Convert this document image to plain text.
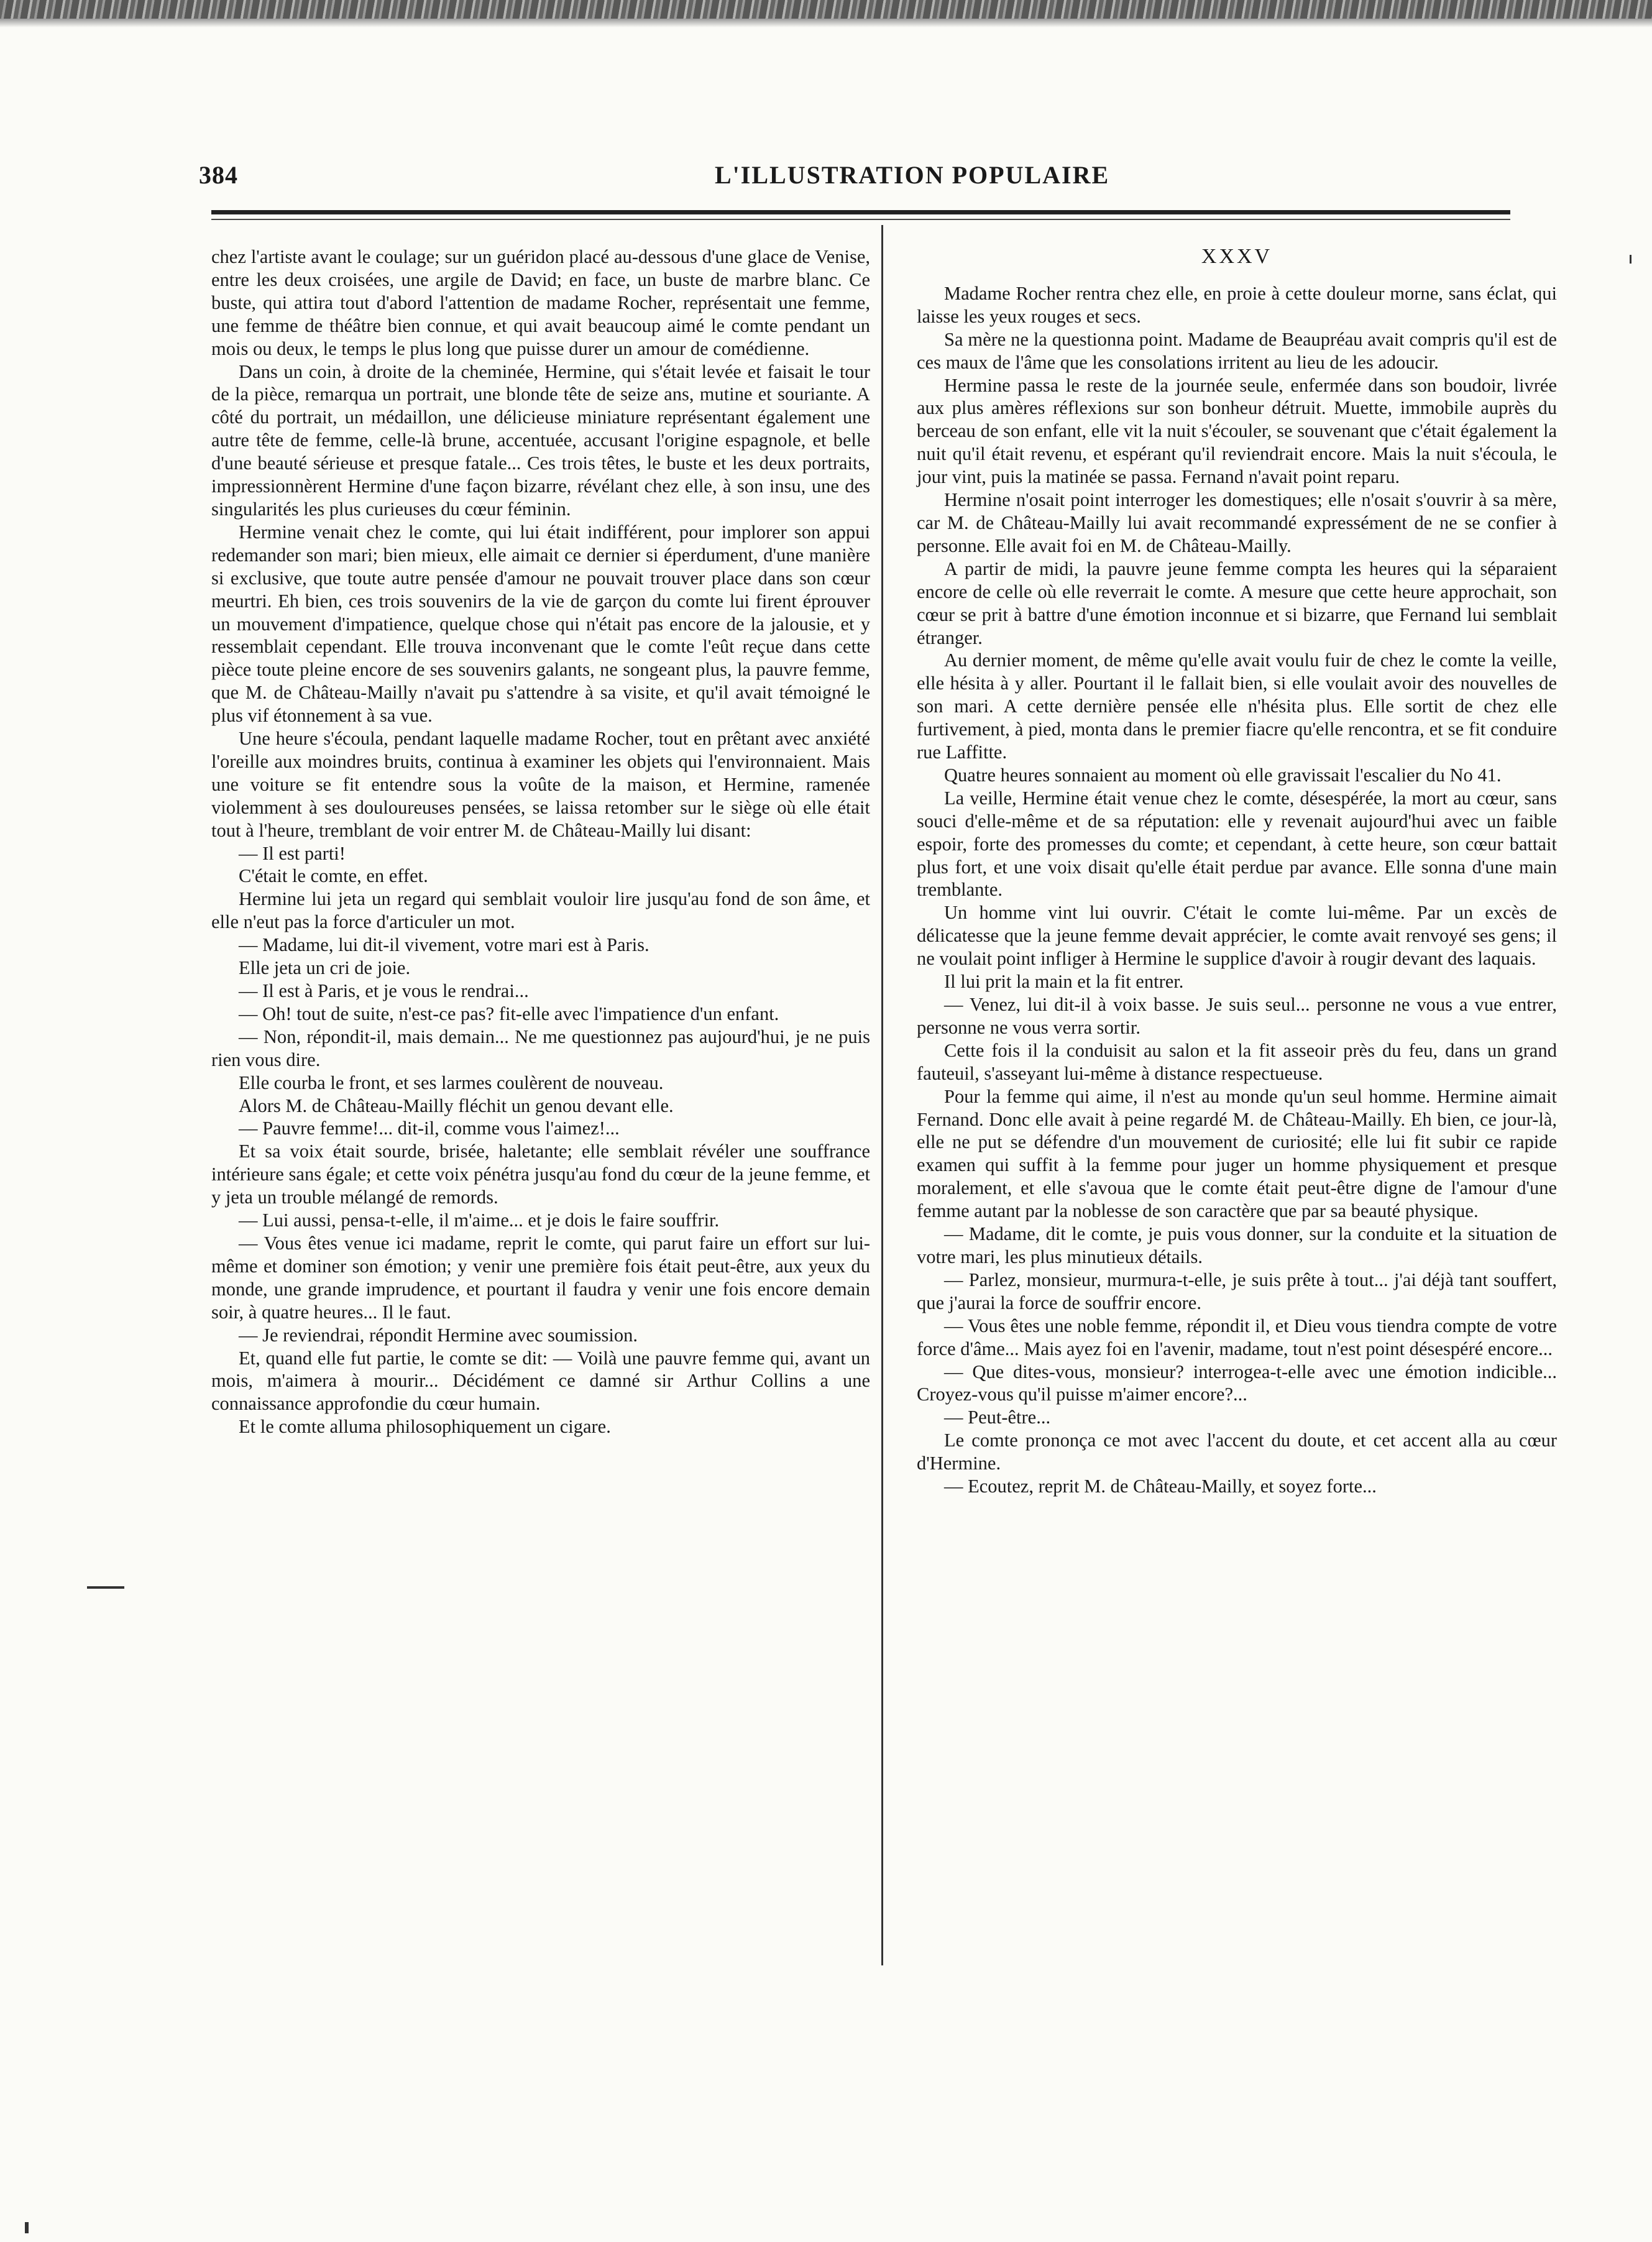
384	L'ILLUSTRATION POPULAIRE

chez l'artiste avant le coulage; sur un guéridon placé au-dessous d'une glace de Venise, entre les deux croisées, une argile de David; en face, un buste de marbre blanc. Ce buste, qui attira tout d'abord l'attention de madame Rocher, représentait une femme, une femme de théâtre bien connue, et qui avait beaucoup aimé le comte pendant un mois ou deux, le temps le plus long que puisse durer un amour de comédienne.

Dans un coin, à droite de la cheminée, Hermine, qui s'était levée et faisait le tour de la pièce, remarqua un portrait, une blonde tête de seize ans, mutine et souriante. A côté du portrait, un médaillon, une délicieuse miniature représentant également une autre tête de femme, celle-là brune, accentuée, accusant l'origine espagnole, et belle d'une beauté sérieuse et presque fatale... Ces trois têtes, le buste et les deux portraits, impressionnèrent Hermine d'une façon bizarre, révélant chez elle, à son insu, une des singularités les plus curieuses du cœur féminin.

Hermine venait chez le comte, qui lui était indifférent, pour implorer son appui redemander son mari; bien mieux, elle aimait ce dernier si éperdument, d'une manière si exclusive, que toute autre pensée d'amour ne pouvait trouver place dans son cœur meurtri. Eh bien, ces trois souvenirs de la vie de garçon du comte lui firent éprouver un mouvement d'impatience, quelque chose qui n'était pas encore de la jalousie, et y ressemblait cependant. Elle trouva inconvenant que le comte l'eût reçue dans cette pièce toute pleine encore de ses souvenirs galants, ne songeant plus, la pauvre femme, que M. de Château-Mailly n'avait pu s'attendre à sa visite, et qu'il avait témoigné le plus vif étonnement à sa vue.

Une heure s'écoula, pendant laquelle madame Rocher, tout en prêtant avec anxiété l'oreille aux moindres bruits, continua à examiner les objets qui l'environnaient. Mais une voiture se fit entendre sous la voûte de la maison, et Hermine, ramenée violemment à ses douloureuses pensées, se laissa retomber sur le siège où elle était tout à l'heure, tremblant de voir entrer M. de Château-Mailly lui disant:

— Il est parti!

C'était le comte, en effet.

Hermine lui jeta un regard qui semblait vouloir lire jusqu'au fond de son âme, et elle n'eut pas la force d'articuler un mot.

— Madame, lui dit-il vivement, votre mari est à Paris.

Elle jeta un cri de joie.

— Il est à Paris, et je vous le rendrai...

— Oh! tout de suite, n'est-ce pas? fit-elle avec l'impatience d'un enfant.

— Non, répondit-il, mais demain... Ne me questionnez pas aujourd'hui, je ne puis rien vous dire.

Elle courba le front, et ses larmes coulèrent de nouveau.

Alors M. de Château-Mailly fléchit un genou devant elle.

— Pauvre femme!... dit-il, comme vous l'aimez!...

Et sa voix était sourde, brisée, haletante; elle semblait révéler une souffrance intérieure sans égale; et cette voix pénétra jusqu'au fond du cœur de la jeune femme, et y jeta un trouble mélangé de remords.

— Lui aussi, pensa-t-elle, il m'aime... et je dois le faire souffrir.

— Vous êtes venue ici madame, reprit le comte, qui parut faire un effort sur lui-même et dominer son émotion; y venir une première fois était peut-être, aux yeux du monde, une grande imprudence, et pourtant il faudra y venir une fois encore demain soir, à quatre heures... Il le faut.

— Je reviendrai, répondit Hermine avec soumission.

Et, quand elle fut partie, le comte se dit: — Voilà une pauvre femme qui, avant un mois, m'aimera à mourir... Décidément ce damné sir Arthur Collins a une connaissance approfondie du cœur humain.

Et le comte alluma philosophiquement un cigare.

XXXV

Madame Rocher rentra chez elle, en proie à cette douleur morne, sans éclat, qui laisse les yeux rouges et secs.

Sa mère ne la questionna point. Madame de Beaupréau avait compris qu'il est de ces maux de l'âme que les consolations irritent au lieu de les adoucir.

Hermine passa le reste de la journée seule, enfermée dans son boudoir, livrée aux plus amères réflexions sur son bonheur détruit. Muette, immobile auprès du berceau de son enfant, elle vit la nuit s'écouler, se souvenant que c'était également la nuit qu'il était revenu, et espérant qu'il reviendrait encore. Mais la nuit s'écoula, le jour vint, puis la matinée se passa. Fernand n'avait point reparu.

Hermine n'osait point interroger les domestiques; elle n'osait s'ouvrir à sa mère, car M. de Château-Mailly lui avait recommandé expressément de ne se confier à personne. Elle avait foi en M. de Château-Mailly.

A partir de midi, la pauvre jeune femme compta les heures qui la séparaient encore de celle où elle reverrait le comte. A mesure que cette heure approchait, son cœur se prit à battre d'une émotion inconnue et si bizarre, que Fernand lui semblait étranger.

Au dernier moment, de même qu'elle avait voulu fuir de chez le comte la veille, elle hésita à y aller. Pourtant il le fallait bien, si elle voulait avoir des nouvelles de son mari. A cette dernière pensée elle n'hésita plus. Elle sortit de chez elle furtivement, à pied, monta dans le premier fiacre qu'elle rencontra, et se fit conduire rue Laffitte.

Quatre heures sonnaient au moment où elle gravissait l'escalier du No 41.

La veille, Hermine était venue chez le comte, désespérée, la mort au cœur, sans souci d'elle-même et de sa réputation: elle y revenait aujourd'hui avec un faible espoir, forte des promesses du comte; et cependant, à cette heure, son cœur battait plus fort, et une voix disait qu'elle était perdue par avance. Elle sonna d'une main tremblante.

Un homme vint lui ouvrir. C'était le comte lui-même. Par un excès de délicatesse que la jeune femme devait apprécier, le comte avait renvoyé ses gens; il ne voulait point infliger à Hermine le supplice d'avoir à rougir devant des laquais.

Il lui prit la main et la fit entrer.

— Venez, lui dit-il à voix basse. Je suis seul... personne ne vous a vue entrer, personne ne vous verra sortir.

Cette fois il la conduisit au salon et la fit asseoir près du feu, dans un grand fauteuil, s'asseyant lui-même à distance respectueuse.

Pour la femme qui aime, il n'est au monde qu'un seul homme. Hermine aimait Fernand. Donc elle avait à peine regardé M. de Château-Mailly. Eh bien, ce jour-là, elle ne put se défendre d'un mouvement de curiosité; elle lui fit subir ce rapide examen qui suffit à la femme pour juger un homme physiquement et presque moralement, et elle s'avoua que le comte était peut-être digne de l'amour d'une femme autant par la noblesse de son caractère que par sa beauté physique.

— Madame, dit le comte, je puis vous donner, sur la conduite et la situation de votre mari, les plus minutieux détails.

— Parlez, monsieur, murmura-t-elle, je suis prête à tout... j'ai déjà tant souffert, que j'aurai la force de souffrir encore.

— Vous êtes une noble femme, répondit il, et Dieu vous tiendra compte de votre force d'âme... Mais ayez foi en l'avenir, madame, tout n'est point désespéré encore...

— Que dites-vous, monsieur? interrogea-t-elle avec une émotion indicible... Croyez-vous qu'il puisse m'aimer encore?...

— Peut-être...

Le comte prononça ce mot avec l'accent du doute, et cet accent alla au cœur d'Hermine.

— Ecoutez, reprit M. de Château-Mailly, et soyez forte...
